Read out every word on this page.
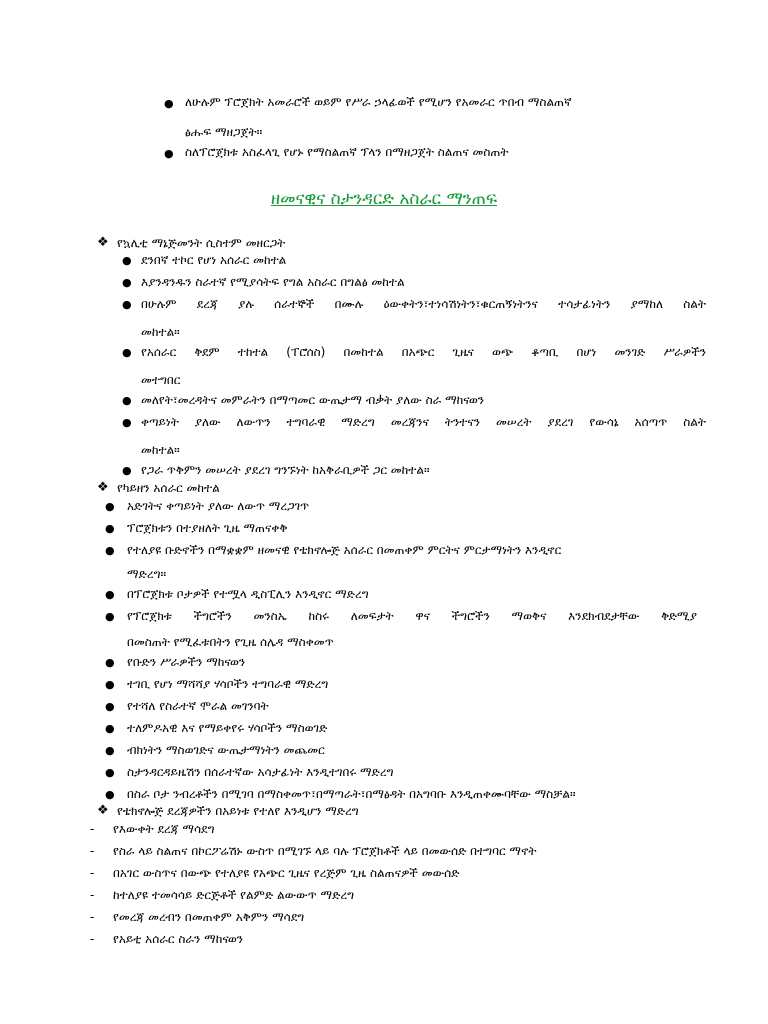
● ለሁሉም ፕሮጀክት አመራሮች ወይም የሥራ ኃላፊወች የሚሆን የአመራር ጥበብ ማስልጠኛ
ፅሑፍ ማዘጋጀት።
● ስለፕሮጀክቱ አስፈላጊ የሆኑ የማስልጠኛ ፕላን በማዘጋጀት ስልጠና መስጠት
ዘመናዊና ስታንዳርድ አስራር ማንጠፍ
❖ የኳሊቲ ማኔጅመንት ሲስተም መዘርጋት
● ደንበኛ ተኮር የሆነ አሰራር መከተል
● እያንዳንዱን ስራተኛ የሚያሳትፍ የግል አስራር በግልፅ መከተል
● በሁሉም ደረጃ ያሉ ሰራተኞች በሙሉ ዕውቀትን፣ተነሳሽነትን፣ቁርጠኝነትንና ተሳታፊነትን ያማከለ ስልት
መከተል።
● የአሰራር ቅደም ተከተል (ፐሮሰስ) በመከተል በአጭር ጊዜና ወጭ ቆጣቢ በሆነ መንገድ ሥራዎችን
መተግበር
● መለየት፣መረዳትና መምራትን በማጣመር ውጤታማ ብቃት ያለው ስራ ማከናወን
● ቀጣይነት ያለው ለውጥን ተግባራዊ ማድረግ መረጃንና ትንተናን መሠረት ያደረገ የውሳኔ አሰጣጥ ስልት
መከተል።
● የጋራ ጥቅምን መሠረት ያደረገ ግንኙነት ከአቅራቢዎች ጋር መከተል።
❖ የካይዘን አሰራር መከተል
● አድገትና ቀጣይነት ያለው ለውጥ ማረጋገጥ
● ፕሮጀክቱን በተያዘለት ጊዜ ማጠናቀቅ
● የተለያዩ ቡድኖችን በማቋቋም ዘመናዊ የቴክኖሎጅ አሰራር በመጠቀም ምርትና ምርታማነትን እንዲኖር
ማድረግ።
● በፕሮጀክቱ ቦታዎች የተሟላ ዲስፒሊን እንዲኖር ማድረግ
● የፕሮጀክቱ ችግሮችን መንስኤ ከስሩ ለመፍታት ዋና ችግሮችን ማወቅና እንደክብደታቸው ቅድሚያ
በመስጠት የሚፈቱበትን የጊዜ ሰሌዳ ማስቀመጥ
● የቡድን ሥራዎችን ማከናወን
● ተገቢ የሆነ ማሻሻያ ሃሳቦችን ተግባራዊ ማድረግ
● የተሻለ የስራተኛ ሞራል መገንባት
● ተለምዶአዊ እና የማይቀየሩ ሃሳቦችን ማስወገድ
● ብክነትን ማስወገድና ውጤታማነትን መጨመር
● ስታንዳርዳይዜሽን በሰራተኛው አሳታፊነት እንዲተገበሩ ማድረግ
● በስራ ቦታ ንብረቶችን በሚገባ በማስቀመጥ፣በማጣራት፣በማፅዳት በአግባቡ እንዲጠቀሙባቸው ማስቻል።
❖ የቴክኖሎጅ ደረጃዎችን በአይነቱ የተለየ እንዲሆን ማድረግ
- የእውቀት ደረጃ ማሳደግ
- የስራ ላይ ስልጠና በኮርፖሬሽኑ ውስጥ በሚገኙ ላይ ባሉ ፕሮጀክቶች ላይ በመውሰድ በተግባር ማኖት
- በአገር ውስጥና በውጭ የተለያዩ የአጭር ጊዜና የረጅም ጊዜ ስልጠናዎች መውሰድ
- ከተለያዩ ተመሳሳይ ድርጅቶች የልምድ ልውውጥ ማድረግ
- የመረጃ መረብን በመጠቀም አቅምን ማሳደግ
- የአይቲ አሰራር ስራን ማከናወን
